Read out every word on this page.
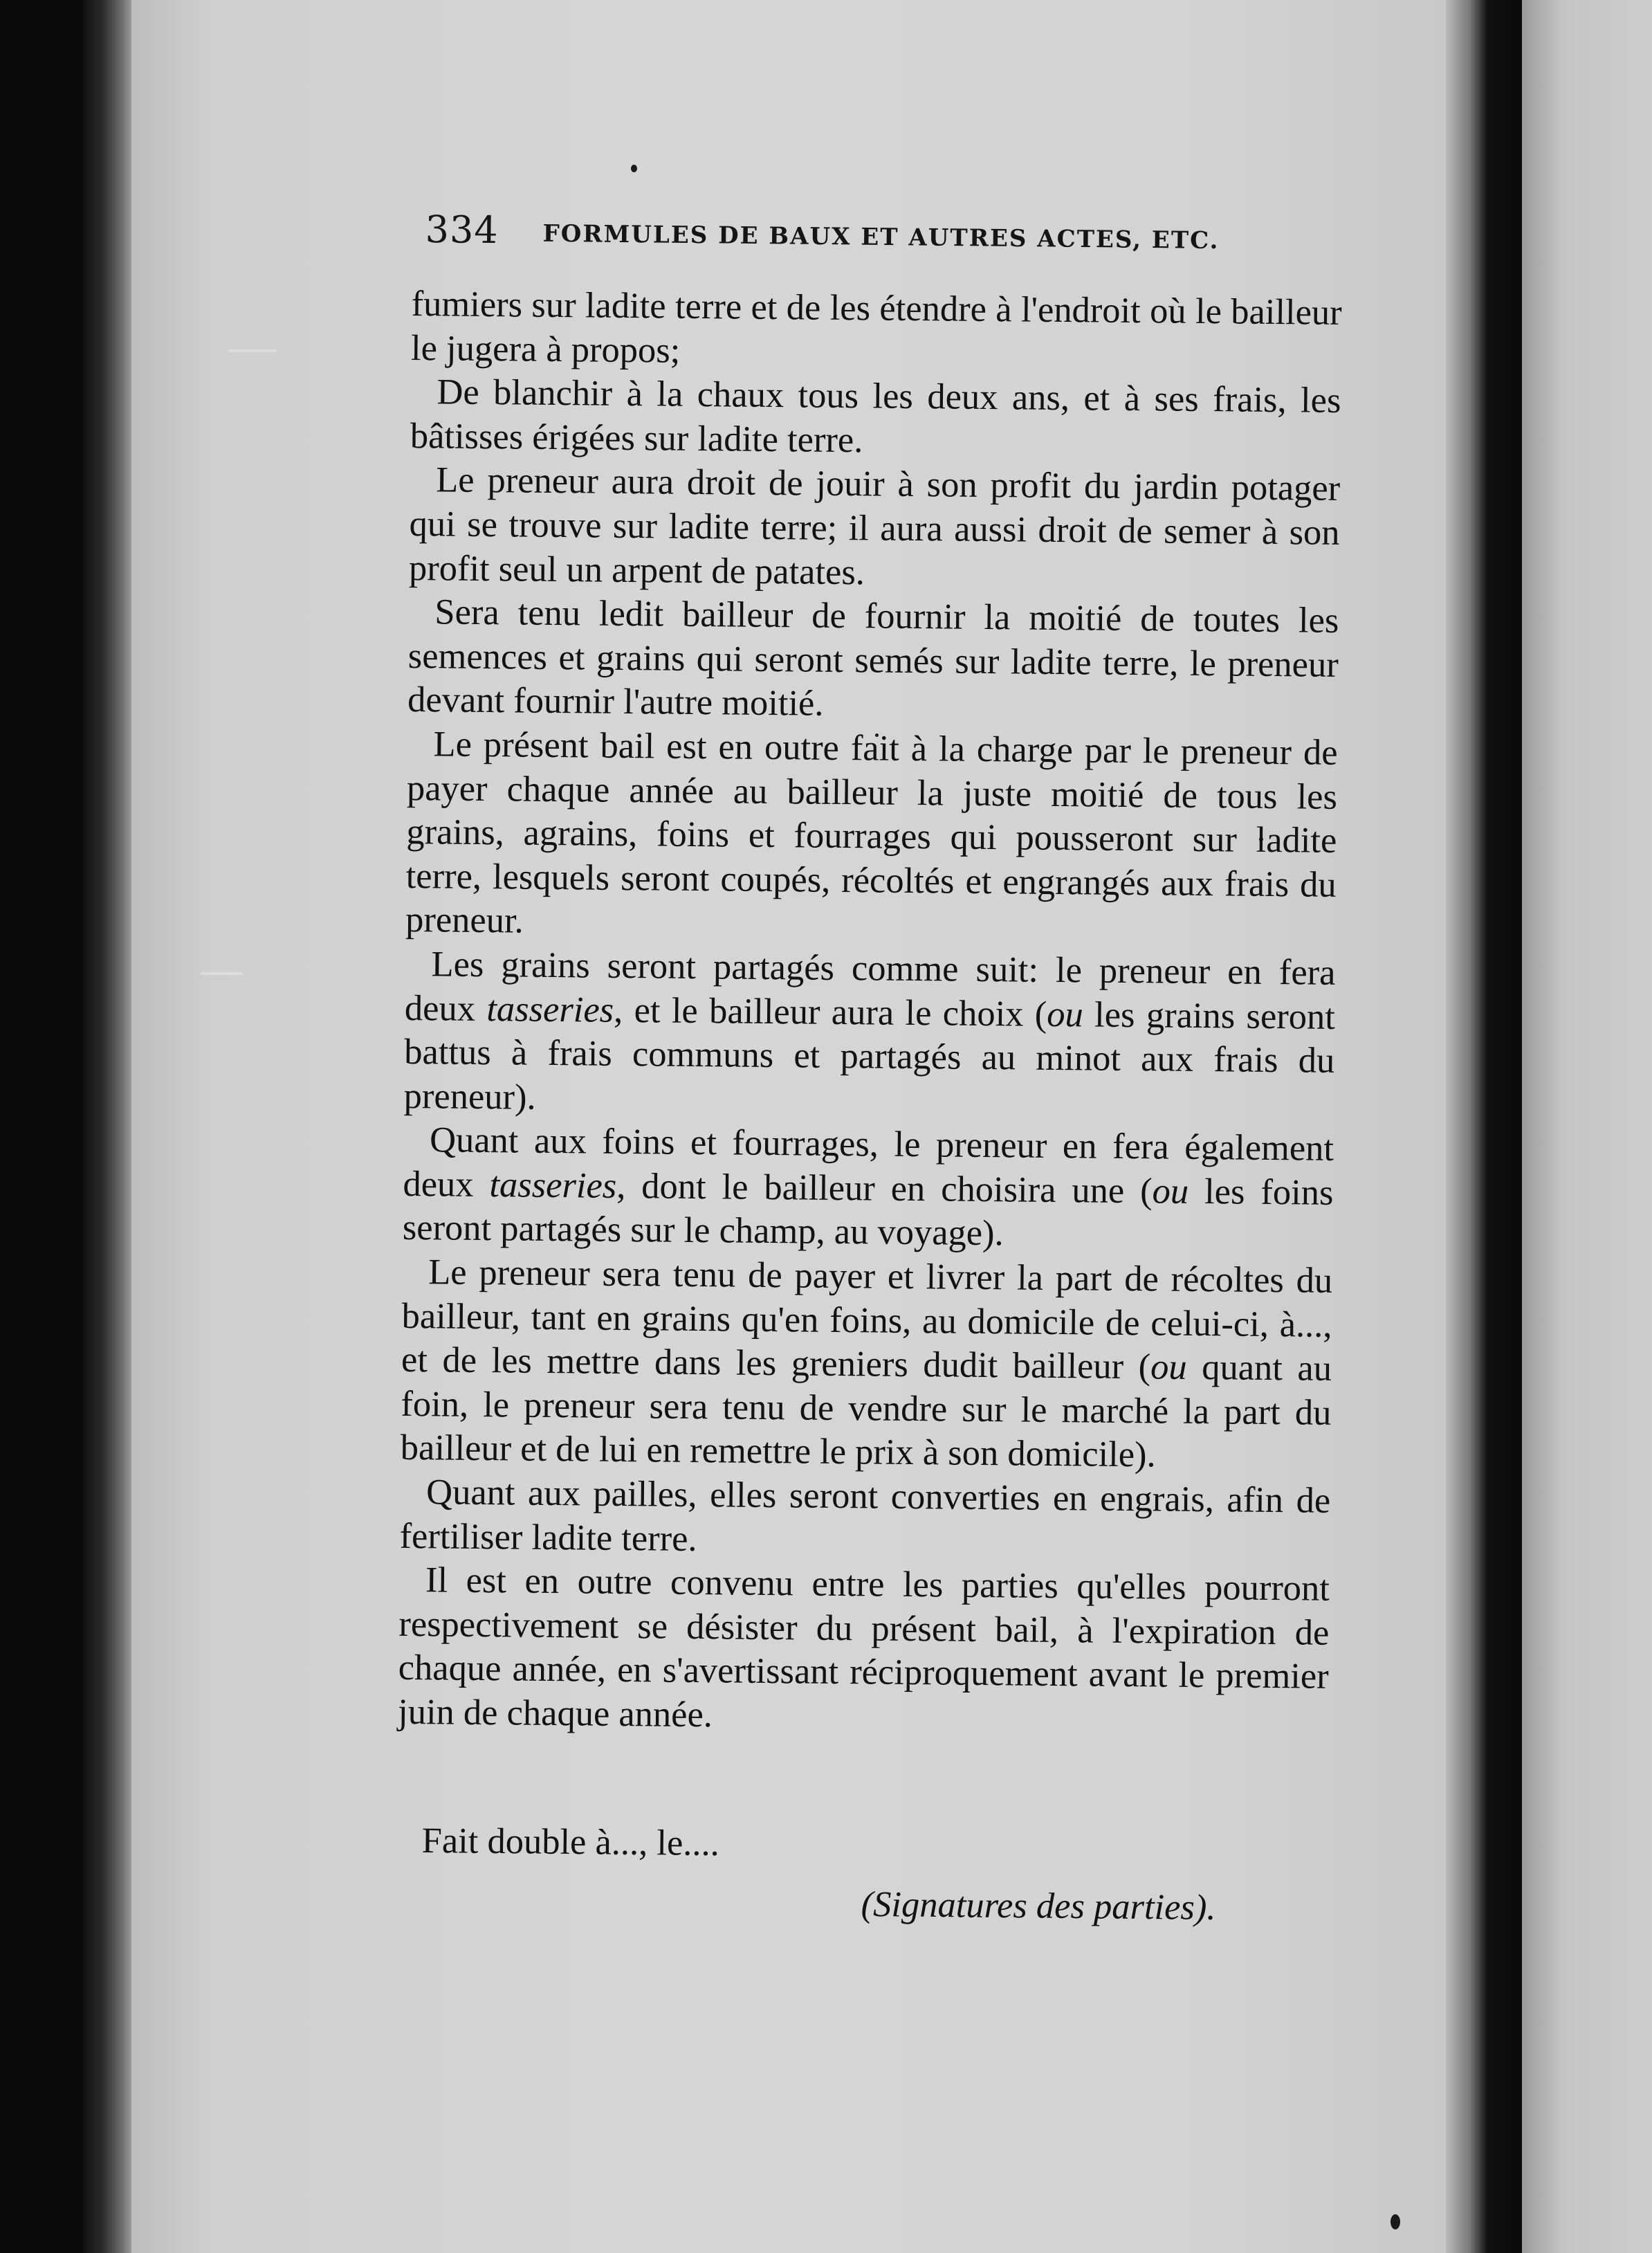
334 FORMULES DE BAUX ET AUTRES ACTES, ETC.

fumiers sur ladite terre et de les étendre à l'endroit où le bailleur le jugera à propos;

De blanchir à la chaux tous les deux ans, et à ses frais, les bâtisses érigées sur ladite terre.

Le preneur aura droit de jouir à son profit du jardin potager qui se trouve sur ladite terre; il aura aussi droit de semer à son profit seul un arpent de patates.

Sera tenu ledit bailleur de fournir la moitié de toutes les semences et grains qui seront semés sur ladite terre, le preneur devant fournir l'autre moitié.

Le présent bail est en outre fait à la charge par le preneur de payer chaque année au bailleur la juste moitié de tous les grains, agrains, foins et fourrages qui pousseront sur ladite terre, lesquels seront coupés, récoltés et engrangés aux frais du preneur.

Les grains seront partagés comme suit: le preneur en fera deux tasseries, et le bailleur aura le choix (ou les grains seront battus à frais communs et partagés au minot aux frais du preneur).

Quant aux foins et fourrages, le preneur en fera également deux tasseries, dont le bailleur en choisira une (ou les foins seront partagés sur le champ, au voyage).

Le preneur sera tenu de payer et livrer la part de récoltes du bailleur, tant en grains qu'en foins, au domicile de celui-ci, à..., et de les mettre dans les greniers dudit bailleur (ou quant au foin, le preneur sera tenu de vendre sur le marché la part du bailleur et de lui en remettre le prix à son domicile).

Quant aux pailles, elles seront converties en engrais, afin de fertiliser ladite terre.

Il est en outre convenu entre les parties qu'elles pourront respectivement se désister du présent bail, à l'expiration de chaque année, en s'avertissant réciproquement avant le premier juin de chaque année.

Fait double à..., le....
(Signatures des parties).
